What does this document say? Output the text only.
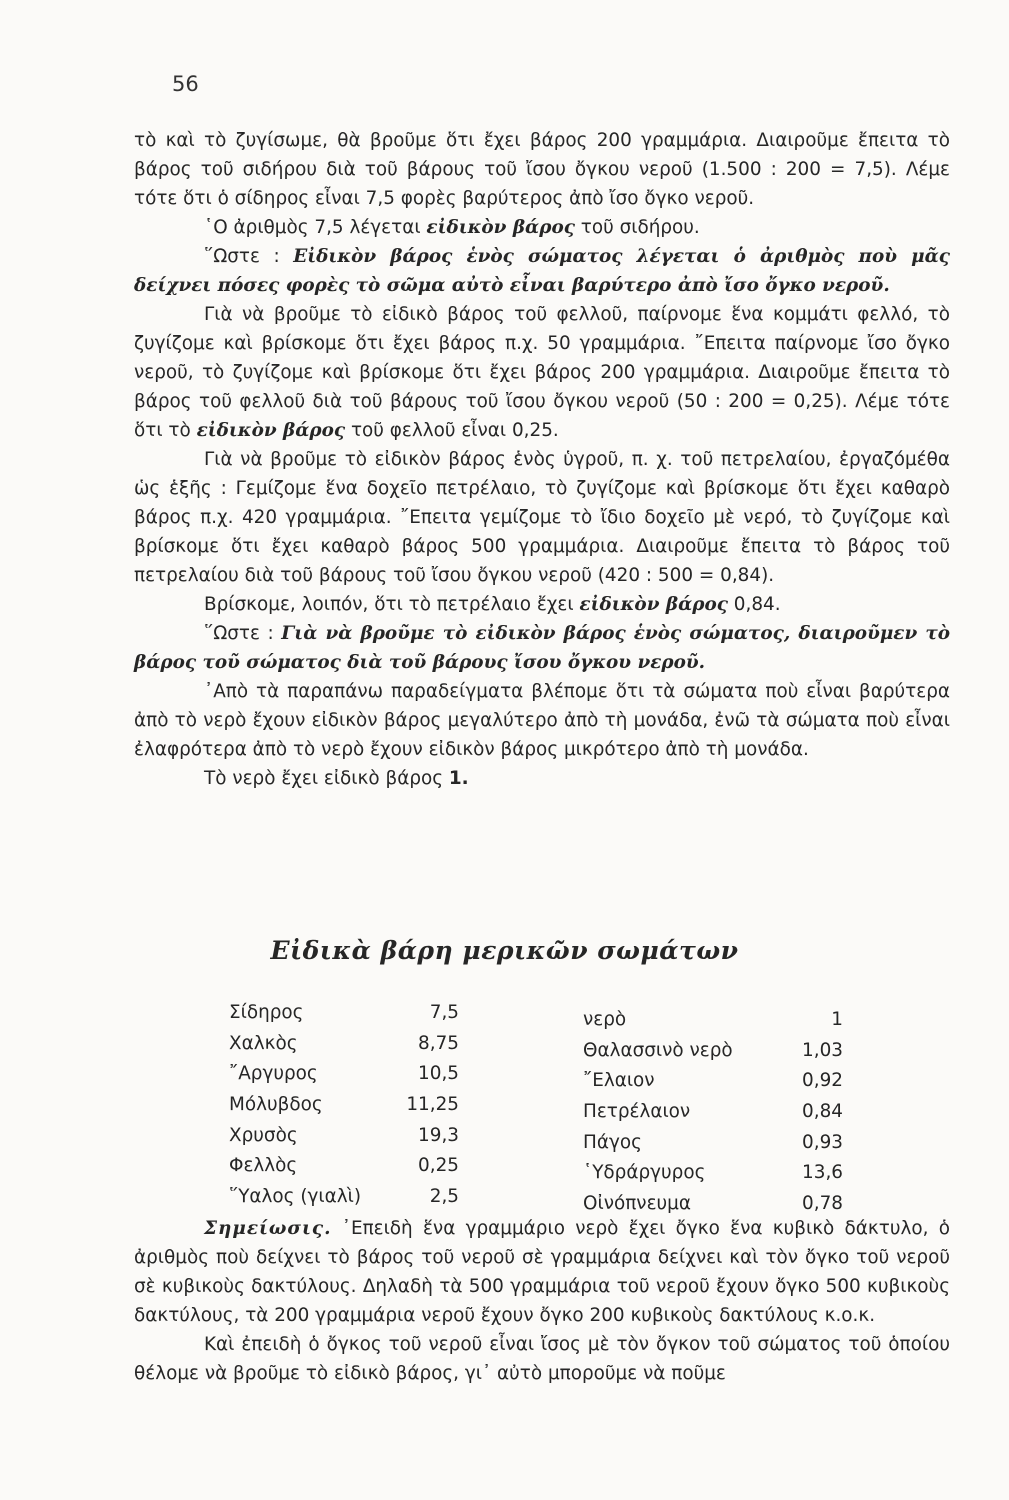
56

τὸ καὶ τὸ ζυγίσωμε, θὰ βροῦμε ὅτι ἔχει βάρος 200 γραμμάρια. Διαιροῦμε ἔπειτα τὸ βάρος τοῦ σιδήρου διὰ τοῦ βάρους τοῦ ἴσου ὄγκου νεροῦ (1.500 : 200 = 7,5). Λέμε τότε ὅτι ὁ σίδηρος εἶναι 7,5 φορὲς βαρύτερος ἀπὸ ἴσο ὄγκο νεροῦ.

῾Ο ἀριθμὸς 7,5 λέγεται εἰδικὸν βάρος τοῦ σιδήρου.

῞Ωστε : Εἰδικὸν βάρος ἑνὸς σώματος λέγεται ὁ ἀριθμὸς ποὺ μᾶς δείχνει πόσες φορὲς τὸ σῶμα αὐτὸ εἶναι βαρύτερο ἀπὸ ἴσο ὄγκο νεροῦ.

Γιὰ νὰ βροῦμε τὸ εἰδικὸ βάρος τοῦ φελλοῦ, παίρνομε ἕνα κομμάτι φελλό, τὸ ζυγίζομε καὶ βρίσκομε ὅτι ἔχει βάρος π.χ. 50 γραμμάρια. ῎Επειτα παίρνομε ἴσο ὄγκο νεροῦ, τὸ ζυγίζομε καὶ βρίσκομε ὅτι ἔχει βάρος 200 γραμμάρια. Διαιροῦμε ἔπειτα τὸ βάρος τοῦ φελλοῦ διὰ τοῦ βάρους τοῦ ἴσου ὄγκου νεροῦ (50 : 200 = 0,25). Λέμε τότε ὅτι τὸ εἰδικὸν βάρος τοῦ φελλοῦ εἶναι 0,25.

Γιὰ νὰ βροῦμε τὸ εἰδικὸν βάρος ἑνὸς ὑγροῦ, π. χ. τοῦ πετρελαίου, ἐργαζόμέθα ὡς ἑξῆς : Γεμίζομε ἕνα δοχεῖο πετρέλαιο, τὸ ζυγίζομε καὶ βρίσκομε ὅτι ἔχει καθαρὸ βάρος π.χ. 420 γραμμάρια. ῎Επειτα γεμίζομε τὸ ἴδιο δοχεῖο μὲ νερό, τὸ ζυγίζομε καὶ βρίσκομε ὅτι ἔχει καθαρὸ βάρος 500 γραμμάρια. Διαιροῦμε ἔπειτα τὸ βάρος τοῦ πετρελαίου διὰ τοῦ βάρους τοῦ ἴσου ὄγκου νεροῦ (420 : 500 = 0,84).

Βρίσκομε, λοιπόν, ὅτι τὸ πετρέλαιο ἔχει εἰδικὸν βάρος 0,84.

῞Ωστε : Γιὰ νὰ βροῦμε τὸ εἰδικὸν βάρος ἑνὸς σώματος, διαιροῦμεν τὸ βάρος τοῦ σώματος διὰ τοῦ βάρους ἴσου ὄγκου νεροῦ.

᾿Απὸ τὰ παραπάνω παραδείγματα βλέπομε ὅτι τὰ σώματα ποὺ εἶναι βαρύτερα ἀπὸ τὸ νερὸ ἔχουν εἰδικὸν βάρος μεγαλύτερο ἀπὸ τὴ μονάδα, ἐνῶ τὰ σώματα ποὺ εἶναι ἐλαφρότερα ἀπὸ τὸ νερὸ ἔχουν εἰδικὸν βάρος μικρότερο ἀπὸ τὴ μονάδα.

Τὸ νερὸ ἔχει εἰδικὸ βάρος 1.

Εἰδικὰ βάρη μερικῶν σωμάτων
Σίδηρος	7,5
Χαλκὸς	8,75
῎Αργυρος	10,5
Μόλυβδος	11,25
Χρυσὸς	19,3
Φελλὸς	0,25
῞Υαλος (γιαλὶ)	2,5
νερὸ	1
Θαλασσινὸ νερὸ	1,03
῎Ελαιον	0,92
Πετρέλαιον	0,84
Πάγος	0,93
῾Υδράργυρος	13,6
Οἰνόπνευμα	0,78

Σημείωσις. ᾿Επειδὴ ἕνα γραμμάριο νερὸ ἔχει ὄγκο ἕνα κυβικὸ δάκτυλο, ὁ ἀριθμὸς ποὺ δείχνει τὸ βάρος τοῦ νεροῦ σὲ γραμμάρια δείχνει καὶ τὸν ὄγκο τοῦ νεροῦ σὲ κυβικοὺς δακτύλους. Δηλαδὴ τὰ 500 γραμμάρια τοῦ νεροῦ ἔχουν ὄγκο 500 κυβικοὺς δακτύλους, τὰ 200 γραμμάρια νεροῦ ἔχουν ὄγκο 200 κυβικοὺς δακτύλους κ.ο.κ.

Καὶ ἐπειδὴ ὁ ὄγκος τοῦ νεροῦ εἶναι ἴσος μὲ τὸν ὄγκον τοῦ σώματος τοῦ ὁποίου θέλομε νὰ βροῦμε τὸ εἰδικὸ βάρος, γι᾿ αὐτὸ μποροῦμε νὰ ποῦμε
